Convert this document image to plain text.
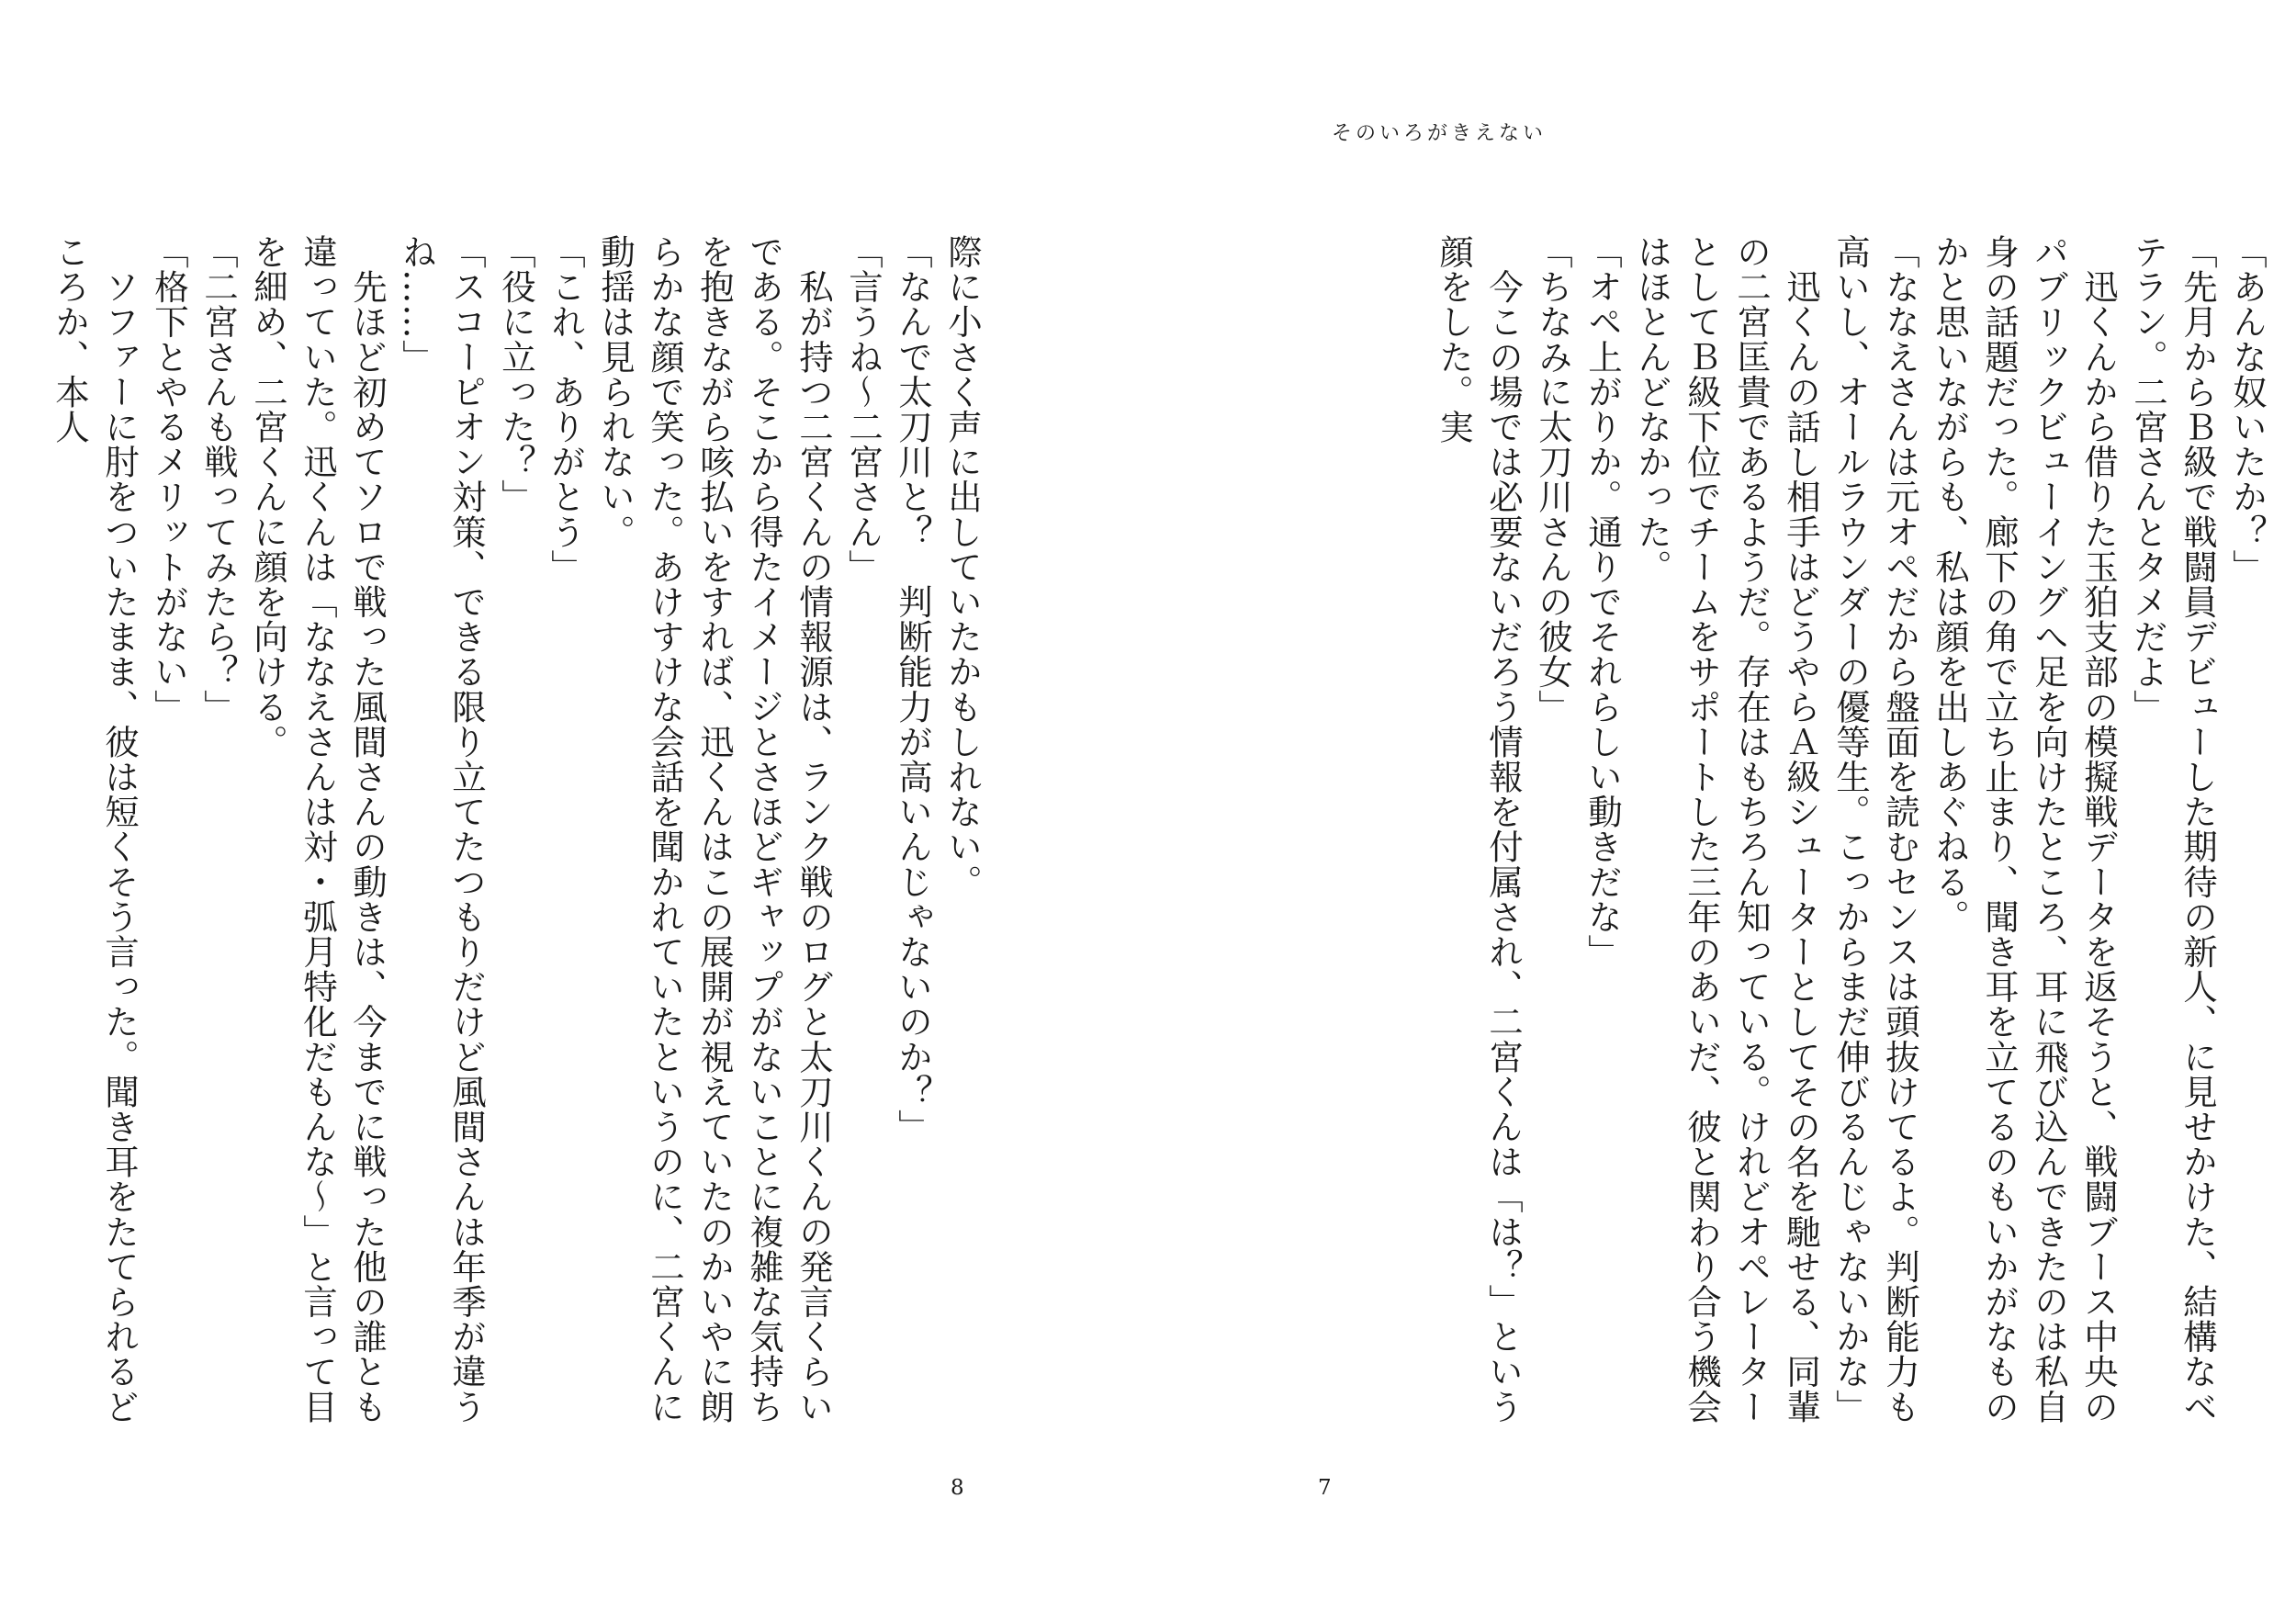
際に小さく声に出していたかもしれない。

「なんで太刀川と？　判断能力が高いんじゃないのか？」

「言うね〜二宮さん」

　私が持つ二宮くんの情報源は、ランク戦のログと太刀川くんの発言くらいである。そこから得たイメージとさほどギャップがないことに複雑な気持ちを抱きながら咳払いをすれば、迅くんはこの展開が視えていたのかいやに朗らかな顔で笑った。あけすけな会話を聞かれていたというのに、二宮くんに動揺は見られない。

「これ、ありがとう」

「役に立った？」

「スコーピオン対策、できる限り立てたつもりだけど風間さんは年季が違うね……」

　先ほど初めてソロで戦った風間さんの動きは、今までに戦った他の誰とも違っていた。迅くんは「ななえさんは対・弧月特化だもんな〜」と言って目を細め、二宮くんに顔を向ける。

「二宮さんも戦ってみたら？」

「格下とやるメリットがない」

　ソファーに肘をついたまま、彼は短くそう言った。聞き耳をたてられるどころか、本人

8
そのいろがきえない

「あんな奴いたか？」

「先月からＢ級で戦闘員デビューした期待の新人、に見せかけた、結構なベテラン。二宮さんとタメだよ」

　迅くんから借りた玉狛支部の模擬戦データを返そうと、戦闘ブース中央のパブリックビューイングへ足を向けたところ、耳に飛び込んできたのは私自身の話題だった。廊下の角で立ち止まり、聞き耳を立てるのもいかがなものかと思いながらも、私は顔を出しあぐねる。

「ななえさんは元オペだから盤面を読むセンスは頭抜けてるよ。判断能力も高いし、オールラウンダーの優等生。こっからまだ伸びるんじゃないかな」

　迅くんの話し相手はどうやらＡ級シューターとしてその名を馳せる、同輩の二宮匡貴であるようだ。存在はもちろん知っている。けれどオペレーターとしてＢ級下位でチームをサポートした三年のあいだ、彼と関わり合う機会はほとんどなかった。

「オペ上がりか。通りでそれらしい動きだな」

「ちなみに太刀川さんの彼女」

　今この場では必要ないだろう情報を付属され、二宮くんは「は？」という顔をした。実

7
